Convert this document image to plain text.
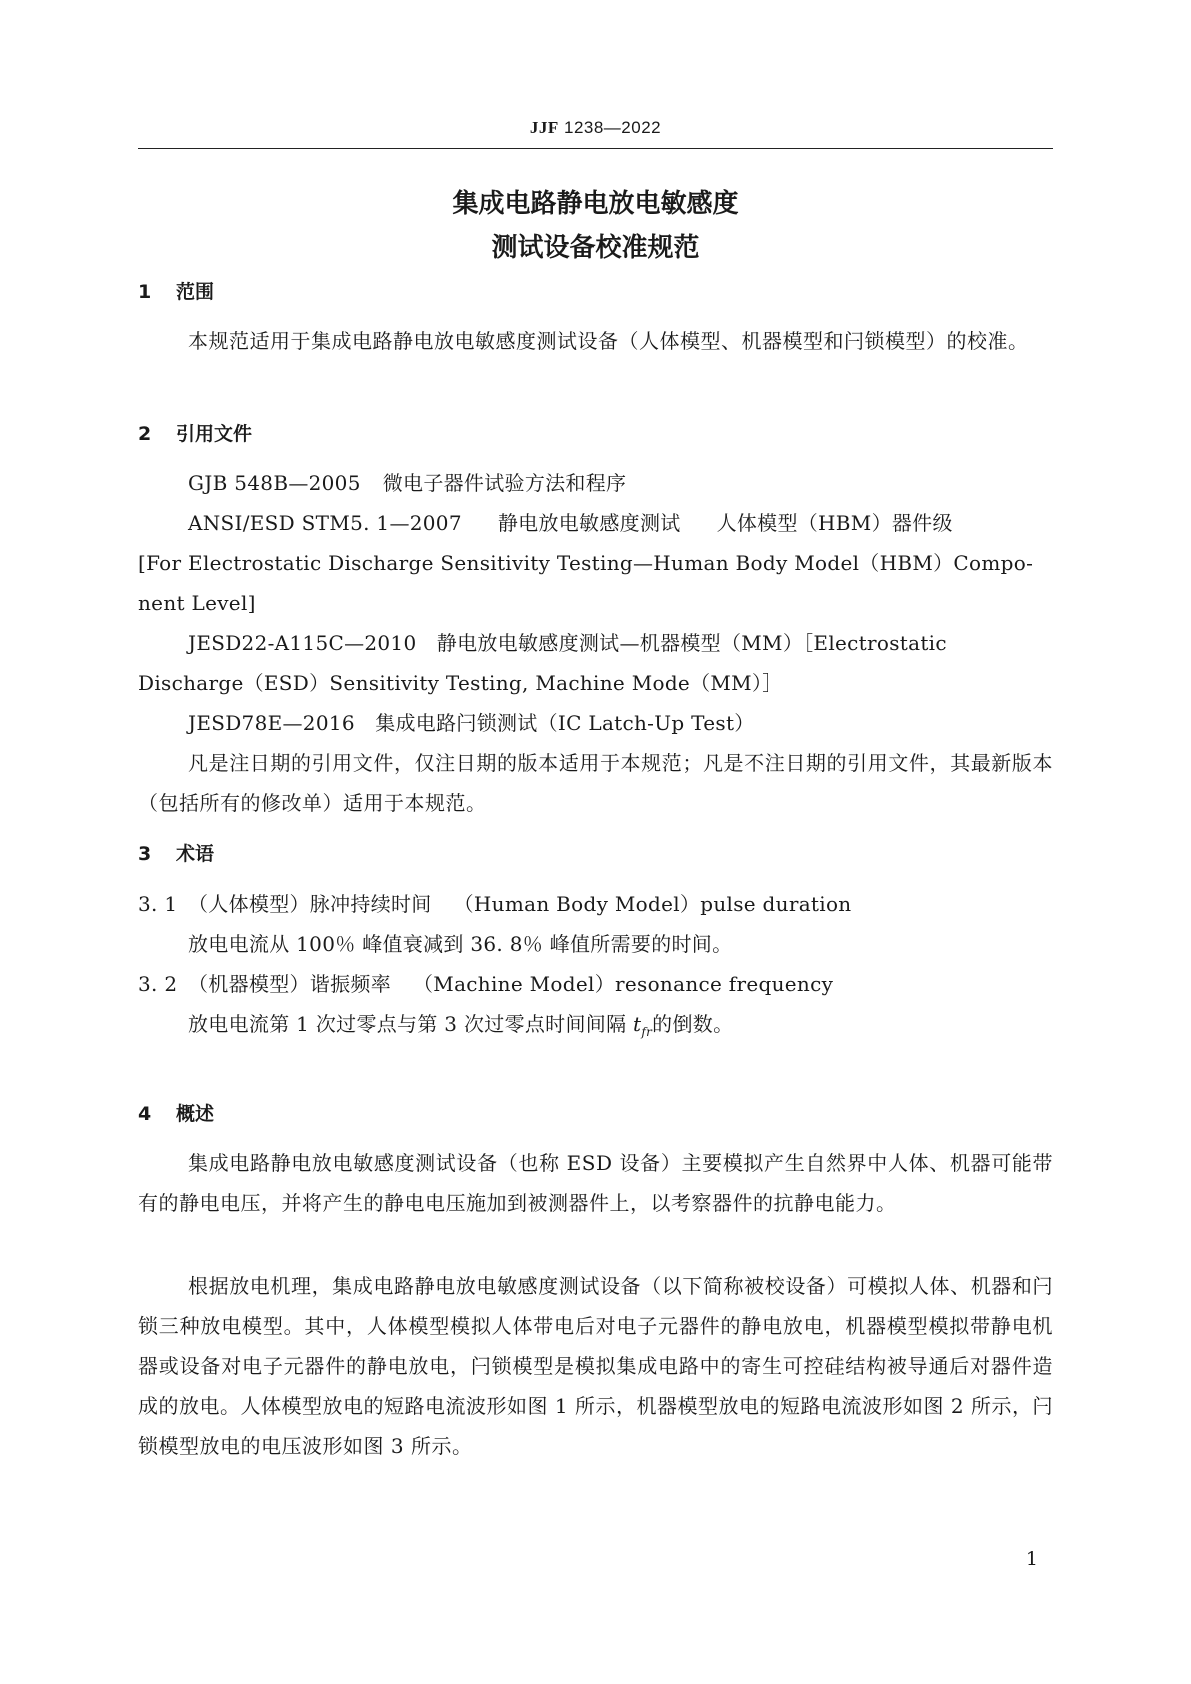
JJF 1238—2022
集成电路静电放电敏感度
测试设备校准规范
1 范围
本规范适用于集成电路静电放电敏感度测试设备（人体模型、机器模型和闩锁模型）的校准。
2 引用文件
GJB 548B—2005 微电子器件试验方法和程序
ANSI/ESD STM5. 1—2007 静电放电敏感度测试 人体模型（HBM）器件级
[For Electrostatic Discharge Sensitivity Testing—Human Body Model（HBM）Compo-
nent Level]
JESD22-A115C—2010　静电放电敏感度测试—机器模型（MM）［Electrostatic
Discharge（ESD）Sensitivity Testing, Machine Mode（MM）］
JESD78E—2016　集成电路闩锁测试（IC Latch-Up Test）
凡是注日期的引用文件，仅注日期的版本适用于本规范；凡是不注日期的引用文件，其最新版本（包括所有的修改单）适用于本规范。
3 术语
3. 1 （人体模型）脉冲持续时间 （Human Body Model）pulse duration
放电电流从 100％ 峰值衰减到 36. 8％ 峰值所需要的时间。
3. 2 （机器模型）谐振频率 （Machine Model）resonance frequency
放电电流第 1 次过零点与第 3 次过零点时间间隔 $t_{fr}$的倒数。
4 概述
集成电路静电放电敏感度测试设备（也称 ESD 设备）主要模拟产生自然界中人体、机器可能带有的静电电压，并将产生的静电电压施加到被测器件上，以考察器件的抗静电能力。
根据放电机理，集成电路静电放电敏感度测试设备（以下简称被校设备）可模拟人体、机器和闩锁三种放电模型。其中，人体模型模拟人体带电后对电子元器件的静电放电，机器模型模拟带静电机器或设备对电子元器件的静电放电，闩锁模型是模拟集成电路中的寄生可控硅结构被导通后对器件造成的放电。人体模型放电的短路电流波形如图 1 所示，机器模型放电的短路电流波形如图 2 所示，闩锁模型放电的电压波形如图 3 所示。
1
